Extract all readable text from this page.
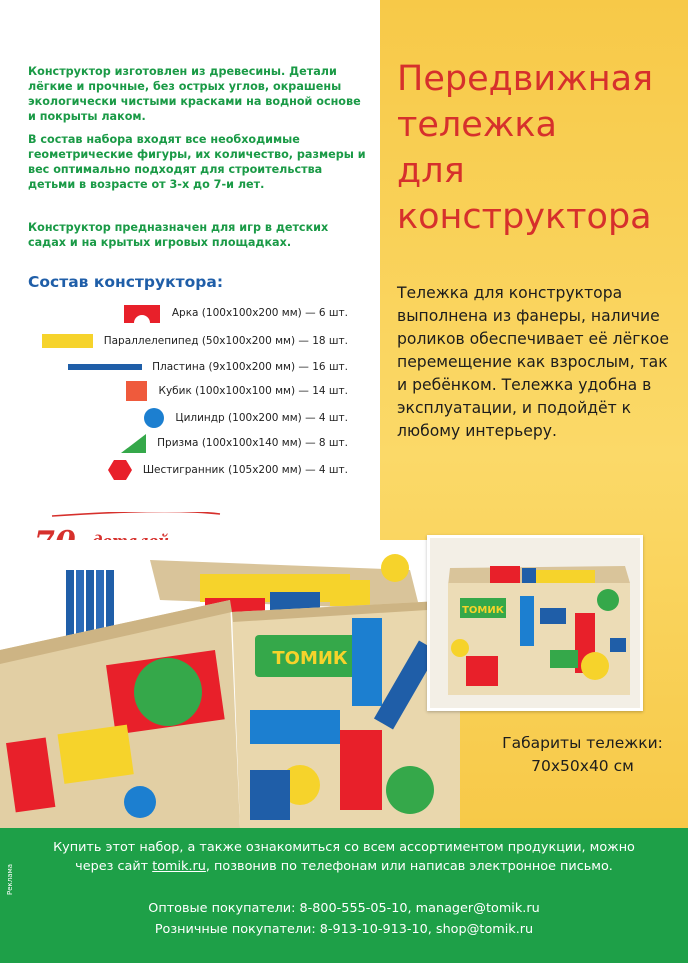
Конструктор изготовлен из древесины. Детали лёгкие и прочные, без острых углов, окрашены экологически чистыми красками на водной основе и покрыты лаком.

В состав набора входят все необходимые геометрические фигуры, их количество, размеры и вес оптимально подходят для строительства детьми в возрасте от 3-х до 7-и лет.

Конструктор предназначен для игр в детских садах и на крытых игровых площадках.

Состав конструктора:
Арка (100х100х200 мм) — 6 шт.
Параллелепипед (50х100х200 мм) — 18 шт.
Пластина (9х100х200 мм) — 16 шт.
Кубик (100х100х100 мм) — 14 шт.
Цилиндр (100х200 мм) — 4 шт.
Призма (100х100х140 мм) — 8 шт.
Шестигранник (105х200 мм) — 4 шт.
Передвижная
тележка
для
конструктора

Тележка для конструктора выполнена из фанеры, наличие роликов обеспечивает её лёгкое перемещение как взрослым, так и ребёнком. Тележка удобна в эксплуатации, и подойдёт к любому интерьеру.

ТОМИК
ТОМИК

Габариты тележки:
70х50х40 см

Купить этот набор, а также ознакомиться со всем ассортиментом продукции, можно через сайт tomik.ru, позвонив по телефонам или написав электронное письмо.

Оптовые покупатели: 8-800-555-05-10, manager@tomik.ru

Розничные покупатели: 8-913-10-913-10, shop@tomik.ru

Реклама
